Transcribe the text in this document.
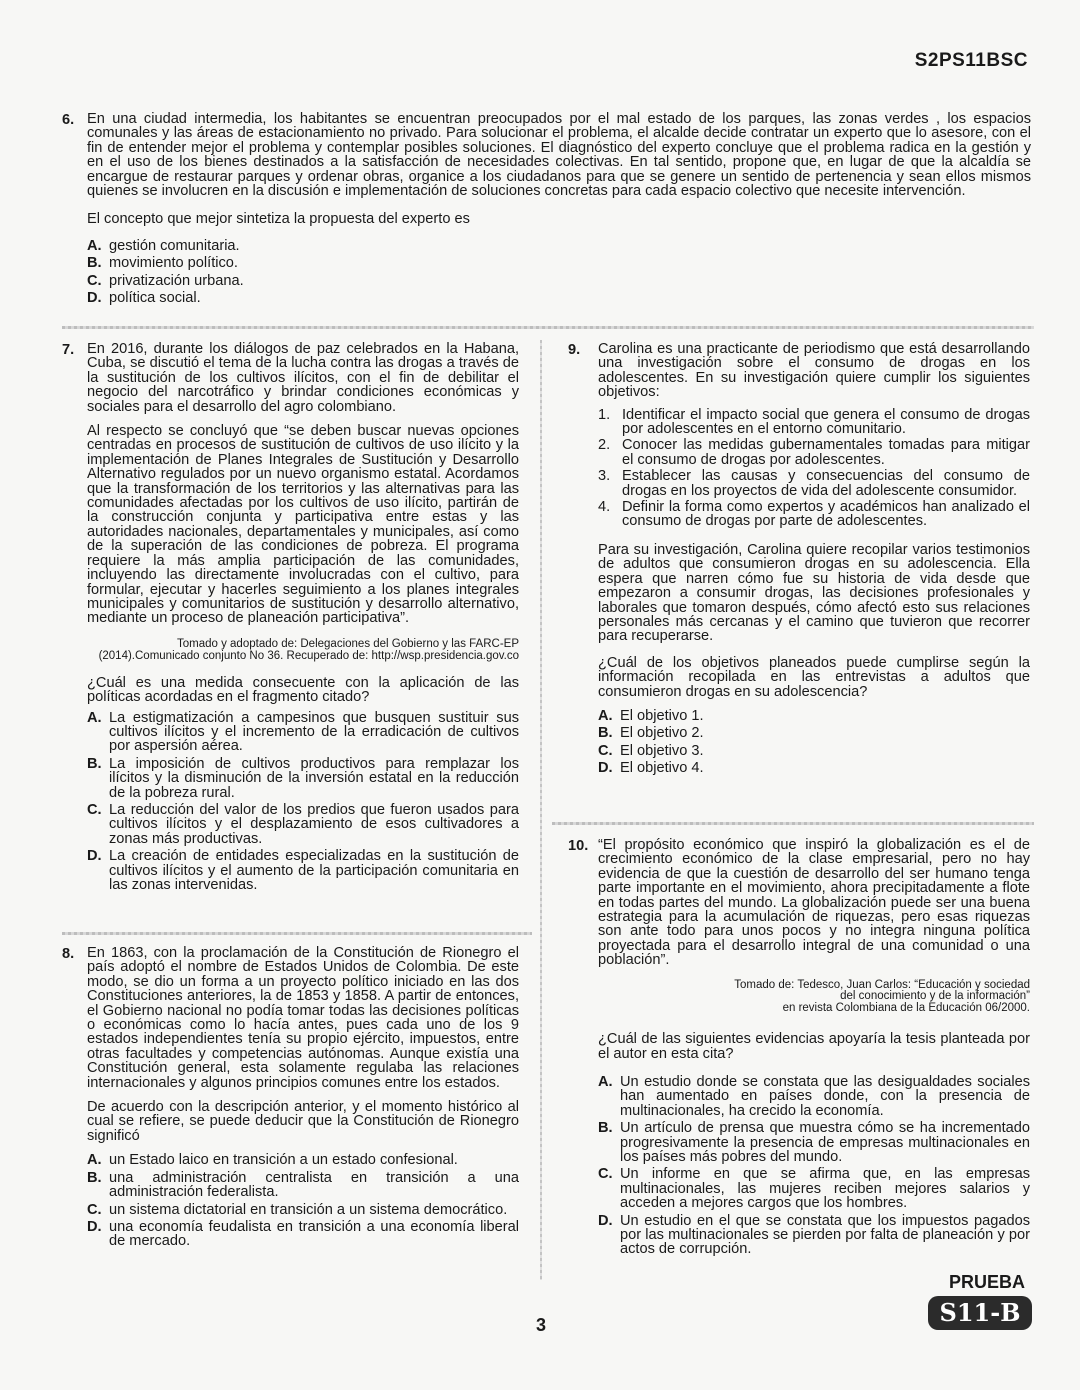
S2PS11BSC
6. En una ciudad intermedia, los habitantes se encuentran preocupados por el mal estado de los parques, las zonas verdes , los espacios comunales y las áreas de estacionamiento no privado. Para solucionar el problema, el alcalde decide contratar un experto que lo asesore, con el fin de entender mejor el problema y contemplar posibles soluciones. El diagnóstico del experto concluye que el problema radica en la gestión y en el uso de los bienes destinados a la satisfacción de necesidades colectivas. En tal sentido, propone que, en lugar de que la alcaldía se encargue de restaurar parques y ordenar obras, organice a los ciudadanos para que se genere un sentido de pertenencia y sean ellos mismos quienes se involucren en la discusión e implementación de soluciones concretas para cada espacio colectivo que necesite intervención.

El concepto que mejor sintetiza la propuesta del experto es

A. gestión comunitaria.
B. movimiento político.
C. privatización urbana.
D. política social.
7. En 2016, durante los diálogos de paz celebrados en la Habana, Cuba, se discutió el tema de la lucha contra las drogas a través de la sustitución de los cultivos ilícitos, con el fin de debilitar el negocio del narcotráfico y brindar condiciones económicas y sociales para el desarrollo del agro colombiano.

Al respecto se concluyó que “se deben buscar nuevas opciones centradas en procesos de sustitución de cultivos de uso ilícito y la implementación de Planes Integrales de Sustitución y Desarrollo Alternativo regulados por un nuevo organismo estatal. Acordamos que la transformación de los territorios y las alternativas para las comunidades afectadas por los cultivos de uso ilícito, partirán de la construcción conjunta y participativa entre estas y las autoridades nacionales, departamentales y municipales, así como de la superación de las condiciones de pobreza. El programa requiere la más amplia participación de las comunidades, incluyendo las directamente involucradas con el cultivo, para formular, ejecutar y hacerles seguimiento a los planes integrales municipales y comunitarios de sustitución y desarrollo alternativo, mediante un proceso de planeación participativa”.

Tomado y adoptado de: Delegaciones del Gobierno y las FARC-EP (2014).Comunicado conjunto No 36. Recuperado de: http://wsp.presidencia.gov.co

¿Cuál es una medida consecuente con la aplicación de las políticas acordadas en el fragmento citado?

A. La estigmatización a campesinos que busquen sustituir sus cultivos ilícitos y el incremento de la erradicación de cultivos por aspersión aérea.
B. La imposición de cultivos productivos para remplazar los ilícitos y la disminución de la inversión estatal en la reducción de la pobreza rural.
C. La reducción del valor de los predios que fueron usados para cultivos ilícitos y el desplazamiento de esos cultivadores a zonas más productivas.
D. La creación de entidades especializadas en la sustitución de cultivos ilícitos y el aumento de la participación comunitaria en las zonas intervenidas.
8. En 1863, con la proclamación de la Constitución de Rionegro el país adoptó el nombre de Estados Unidos de Colombia. De este modo, se dio un forma a un proyecto político iniciado en las dos Constituciones anteriores, la de 1853 y 1858. A partir de entonces, el Gobierno nacional no podía tomar todas las decisiones políticas o económicas como lo hacía antes, pues cada uno de los 9 estados independientes tenía su propio ejército, impuestos, entre otras facultades y competencias autónomas. Aunque existía una Constitución general, esta solamente regulaba las relaciones internacionales y algunos principios comunes entre los estados.

De acuerdo con la descripción anterior, y el momento histórico al cual se refiere, se puede deducir que la Constitución de Rionegro significó

A. un Estado laico en transición a un estado confesional.
B. una administración centralista en transición a una administración federalista.
C. un sistema dictatorial en transición a un sistema democrático.
D. una economía feudalista en transición a una economía liberal de mercado.
9. Carolina es una practicante de periodismo que está desarrollando una investigación sobre el consumo de drogas en los adolescentes. En su investigación quiere cumplir los siguientes objetivos:

1. Identificar el impacto social que genera el consumo de drogas por adolescentes en el entorno comunitario.
2. Conocer las medidas gubernamentales tomadas para mitigar el consumo de drogas por adolescentes.
3. Establecer las causas y consecuencias del consumo de drogas en los proyectos de vida del adolescente consumidor.
4. Definir la forma como expertos y académicos han analizado el consumo de drogas por parte de adolescentes.

Para su investigación, Carolina quiere recopilar varios testimonios de adultos que consumieron drogas en su adolescencia. Ella espera que narren cómo fue su historia de vida desde que empezaron a consumir drogas, las decisiones profesionales y laborales que tomaron después, cómo afectó esto sus relaciones personales más cercanas y el camino que tuvieron que recorrer para recuperarse.

¿Cuál de los objetivos planeados puede cumplirse según la información recopilada en las entrevistas a adultos que consumieron drogas en su adolescencia?

A. El objetivo 1.
B. El objetivo 2.
C. El objetivo 3.
D. El objetivo 4.
10. “El propósito económico que inspiró la globalización es el de crecimiento económico de la clase empresarial, pero no hay evidencia de que la cuestión de desarrollo del ser humano tenga parte importante en el movimiento, ahora precipitadamente a flote en todas partes del mundo. La globalización puede ser una buena estrategia para la acumulación de riquezas, pero esas riquezas son ante todo para unos pocos y no integra ninguna política proyectada para el desarrollo integral de una comunidad o una población”.

Tomado de: Tedesco, Juan Carlos: “Educación y sociedad
del conocimiento y de la información”
en revista Colombiana de la Educación 06/2000.

¿Cuál de las siguientes evidencias apoyaría la tesis planteada por el autor en esta cita?

A. Un estudio donde se constata que las desigualdades sociales han aumentado en países donde, con la presencia de multinacionales, ha crecido la economía.
B. Un artículo de prensa que muestra cómo se ha incrementado progresivamente la presencia de empresas multinacionales en los países más pobres del mundo.
C. Un informe en que se afirma que, en las empresas multinacionales, las mujeres reciben mejores salarios y acceden a mejores cargos que los hombres.
D. Un estudio en el que se constata que los impuestos pagados por las multinacionales se pierden por falta de planeación y por actos de corrupción.
3
PRUEBA
S11-B
